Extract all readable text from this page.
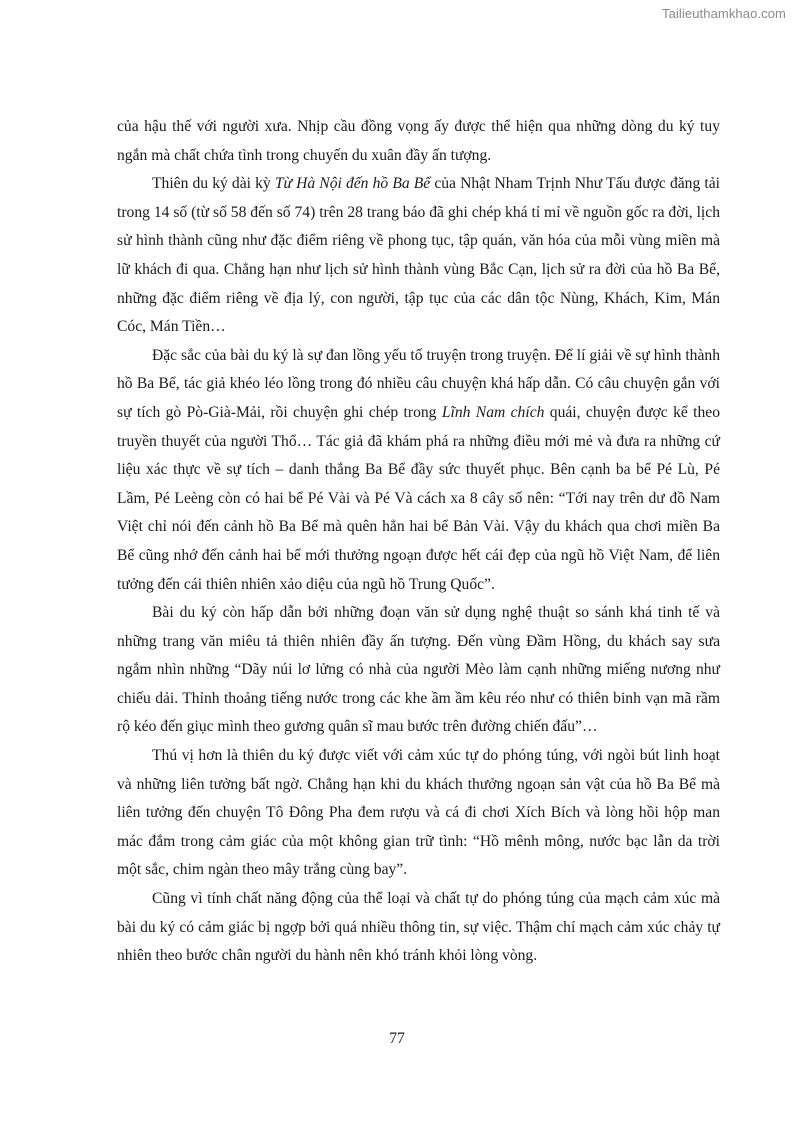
Tailieuthamkhao.com

của hậu thế với người xưa. Nhịp cầu đồng vọng ấy được thể hiện qua những dòng du ký tuy ngắn mà chất chứa tình trong chuyến du xuân đầy ấn tượng.

Thiên du ký dài kỳ Từ Hà Nội đến hồ Ba Bể của Nhật Nham Trịnh Như Tấu được đăng tải trong 14 số (từ số 58 đến số 74) trên 28 trang báo đã ghi chép khá tỉ mỉ về nguồn gốc ra đời, lịch sử hình thành cũng như đặc điểm riêng về phong tục, tập quán, văn hóa của mỗi vùng miền mà lữ khách đi qua. Chẳng hạn như lịch sử hình thành vùng Bắc Cạn, lịch sử ra đời của hồ Ba Bể, những đặc điểm riêng về địa lý, con người, tập tục của các dân tộc Nùng, Khách, Kim, Mán Cóc, Mán Tiền…

Đặc sắc của bài du ký là sự đan lồng yếu tố truyện trong truyện. Để lí giải về sự hình thành hồ Ba Bể, tác giả khéo léo lồng trong đó nhiều câu chuyện khá hấp dẫn. Có câu chuyện gắn với sự tích gò Pò-Già-Mải, rồi chuyện ghi chép trong Lĩnh Nam chích quái, chuyện được kể theo truyền thuyết của người Thổ… Tác giả đã khám phá ra những điều mới mẻ và đưa ra những cứ liệu xác thực về sự tích – danh thắng Ba Bể đầy sức thuyết phục. Bên cạnh ba bể Pé Lù, Pé Lầm, Pé Leèng còn có hai bể Pé Vài và Pé Và cách xa 8 cây số nên: “Tới nay trên dư đồ Nam Việt chỉ nói đến cảnh hồ Ba Bể mà quên hẳn hai bể Bản Vài. Vậy du khách qua chơi miền Ba Bể cũng nhớ đến cảnh hai bể mới thưởng ngoạn được hết cái đẹp của ngũ hồ Việt Nam, để liên tưởng đến cái thiên nhiên xảo diệu của ngũ hồ Trung Quốc”.

Bài du ký còn hấp dẫn bởi những đoạn văn sử dụng nghệ thuật so sánh khá tinh tế và những trang văn miêu tả thiên nhiên đầy ấn tượng. Đến vùng Đầm Hồng, du khách say sưa ngắm nhìn những “Dãy núi lơ lửng có nhà của người Mèo làm cạnh những miếng nương như chiếu dải. Thỉnh thoảng tiếng nước trong các khe ầm ầm kêu réo như có thiên binh vạn mã rầm rộ kéo đến giục mình theo gương quân sĩ mau bước trên đường chiến đấu”…

Thú vị hơn là thiên du ký được viết với cảm xúc tự do phóng túng, với ngòi bút linh hoạt và những liên tưởng bất ngờ. Chẳng hạn khi du khách thưởng ngoạn sản vật của hồ Ba Bể mà liên tưởng đến chuyện Tô Đông Pha đem rượu và cá đi chơi Xích Bích và lòng hồi hộp man mác đắm trong cảm giác của một không gian trữ tình: “Hồ mênh mông, nước bạc lẫn da trời một sắc, chim ngàn theo mây trắng cùng bay”.

Cũng vì tính chất năng động của thể loại và chất tự do phóng túng của mạch cảm xúc mà bài du ký có cảm giác bị ngợp bởi quá nhiều thông tin, sự việc. Thậm chí mạch cảm xúc chảy tự nhiên theo bước chân người du hành nên khó tránh khỏi lòng vòng.

77
